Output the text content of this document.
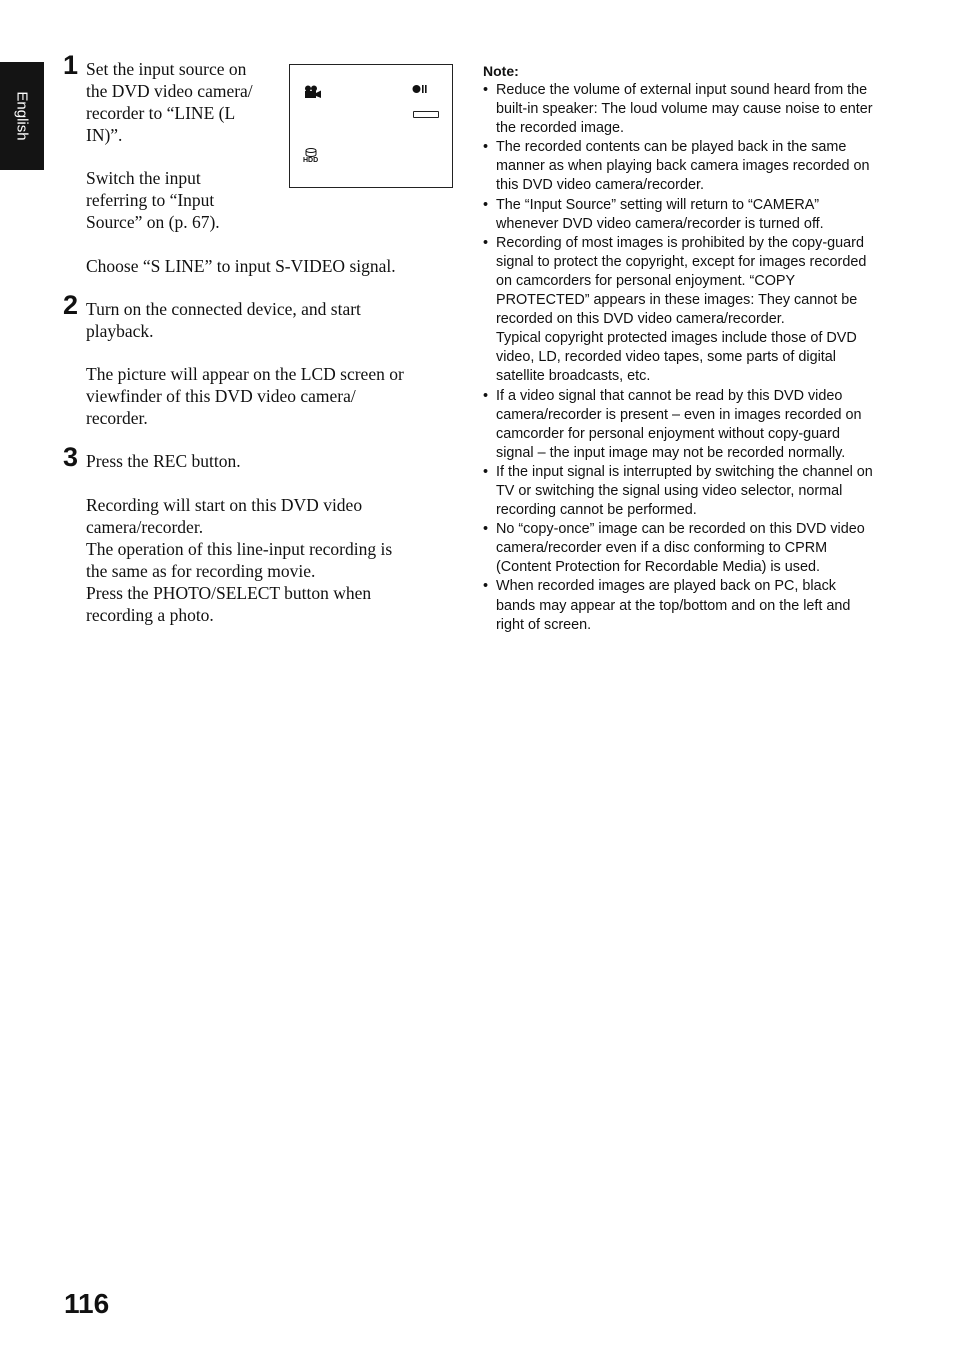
English
1 Set the input source on
the DVD video camera/
recorder to “LINE (L
IN)”.
Switch the input
referring to “Input
Source” on (p. 67).
Choose “S LINE” to input S-VIDEO signal.
HDD
2 Turn on the connected device, and start
playback.
The picture will appear on the LCD screen or
viewfinder of this DVD video camera/
recorder.
3 Press the REC button.
Recording will start on this DVD video
camera/recorder.
The operation of this line-input recording is
the same as for recording movie.
Press the PHOTO/SELECT button when
recording a photo.
Note:
• Reduce the volume of external input sound heard from the built-in speaker: The loud volume may cause noise to enter the recorded image.
• The recorded contents can be played back in the same manner as when playing back camera images recorded on this DVD video camera/recorder.
• The “Input Source” setting will return to “CAMERA” whenever DVD video camera/recorder is turned off.
• Recording of most images is prohibited by the copy-guard signal to protect the copyright, except for images recorded on camcorders for personal enjoyment. “COPY PROTECTED” appears in these images: They cannot be recorded on this DVD video camera/recorder.
Typical copyright protected images include those of DVD video, LD, recorded video tapes, some parts of digital satellite broadcasts, etc.
• If a video signal that cannot be read by this DVD video camera/recorder is present – even in images recorded on camcorder for personal enjoyment without copy-guard signal – the input image may not be recorded normally.
• If the input signal is interrupted by switching the channel on TV or switching the signal using video selector, normal recording cannot be performed.
• No “copy-once” image can be recorded on this DVD video camera/recorder even if a disc conforming to CPRM (Content Protection for Recordable Media) is used.
• When recorded images are played back on PC, black bands may appear at the top/bottom and on the left and right of screen.
116
